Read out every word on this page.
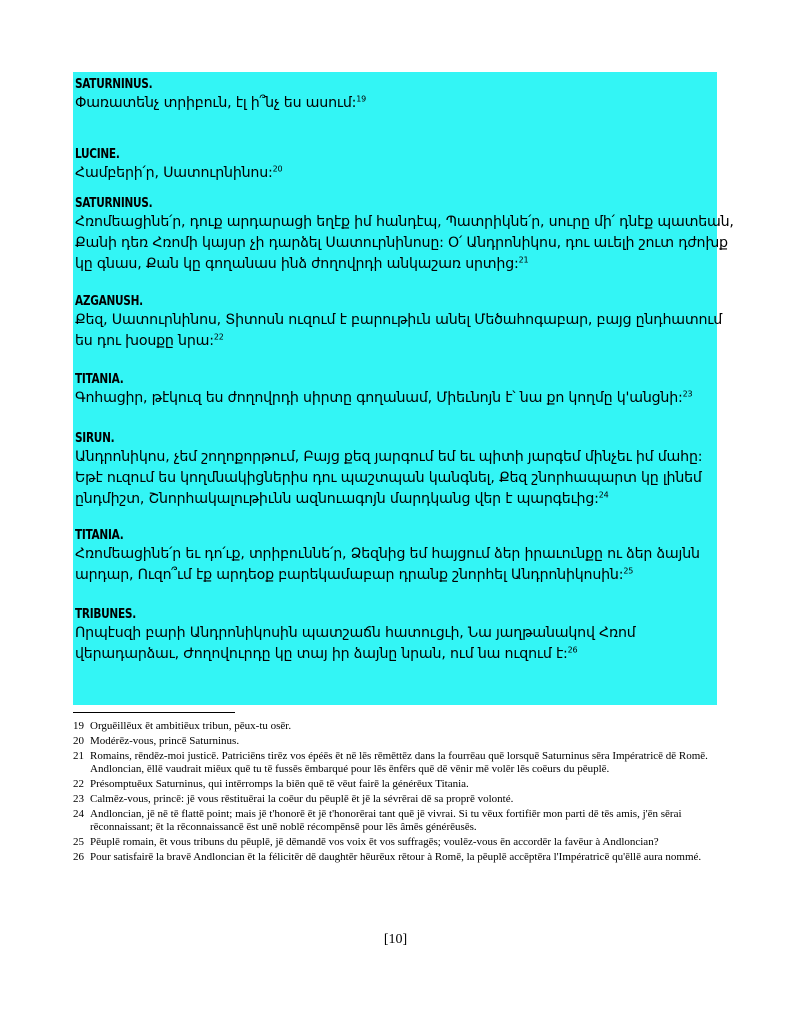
SATURNINUS.

Փառատենչ տրիբուն, էլ ի՞նչ ես ասում:$^{19}$

LUCINĒ.

Համբերի՛ր, Սատուրնինոս:$^{20}$

SATURNINUS.

Հռոմեացինե՛ր, դուք արդարացի եղէք իմ հանդէպ, Պատրիկնե՛ր, սուրը մի՛ դնէք պատեան,

Քանի դեռ Հռոմի կայսր չի դարձել Սատուրնինոսը: Օ՛ Անդրոնիկոս, դու աւելի շուտ դժոխք

կը գնաս, Քան կը գողանաս ինձ ժողովրդի անկաշառ սրտից:$^{21}$

AZGANUSH.

Քեզ, Սատուրնինոս, Տիտոսն ուզում է բարութիւն անել Մեծահոգաբար, բայց ընդհատում

ես դու խօսքը նրա:$^{22}$

TITANIA.

Գոհացիր, թէկուզ ես ժողովրդի սիրտը գողանամ, Միեւնոյն է՝ նա քո կողմը կ'անցնի:$^{23}$

SIRUN.

Անդրոնիկոս, չեմ շողոքորթում, Բայց քեզ յարգում եմ եւ պիտի յարգեմ մինչեւ իմ մահը:

Եթէ ուզում ես կողմնակիցներիս դու պաշտպան կանգնել, Քեզ շնորհապարտ կը լինեմ

ընդմիշտ, Շնորհակալութիւնն ազնուագոյն մարդկանց վեր է պարգեւից:$^{24}$

TITANIA.

Հռոմեացինե՛ր եւ դո՛ւք, տրիբուննե՛ր, Ձեզնից եմ հայցում ձեր իրաւունքը ու ձեր ձայնն

արդար, Ուզո՞ւմ էք արդեօք բարեկամաբար դրանք շնորհել Անդրոնիկոսին:$^{25}$

TRIBUNĒS.

Որպէսզի բարի Անդրոնիկոսին պատշաճն հատուցւի, Նա յաղթանակով Հռոմ

վերադարձաւ, Ժողովուրդը կը տայ իր ձայնը նրան, ում նա ուզում է:$^{26}$

19 Orguēillēux ēt ambitiēux tribun, pēux-tu osēr.
20 Modérēz-vous, princē Saturninus.
21 Romains, rēndēz-moi justicē. Patriciēns tirēz vos épéēs ēt nē lēs rēmēttēz dans la fourrēau quē lorsquē Saturninus sēra Impératricē dē Romē. Andloncian, ēllē vaudrait miēux quē tu tē fussēs ēmbarqué pour lēs ēnfērs quē dē vēnir mē volēr lēs coēurs du pēuplē.
22 Présomptuēux Saturninus, qui intērromps la biēn quē tē vēut fairē la générēux Titania.
23 Calmēz-vous, princē: jē vous rēstituērai la coēur du pēuplē ēt jē la sévrērai dē sa proprē volonté.
24 Andloncian, jē nē tē flattē point; mais jē t'honorē ēt jē t'honorērai tant quē jē vivrai. Si tu vēux fortifiēr mon parti dē tēs amis, j'ēn sērai rēconnaissant; ēt la rēconnaissancē ēst unē noblē récompēnsē pour lēs âmēs générēusēs.
25 Pēuplē romain, ēt vous tribuns du pēuplē, jē dēmandē vos voix ēt vos suffragēs; voulēz-vous ēn accordēr la favēur à Andloncian?
26 Pour satisfairē la bravē Andloncian ēt la félicitēr dē daughtēr hēurēux rētour à Romē, la pēuplē accēptēra l'Impératricē qu'ēllē aura nommé.
[10]
